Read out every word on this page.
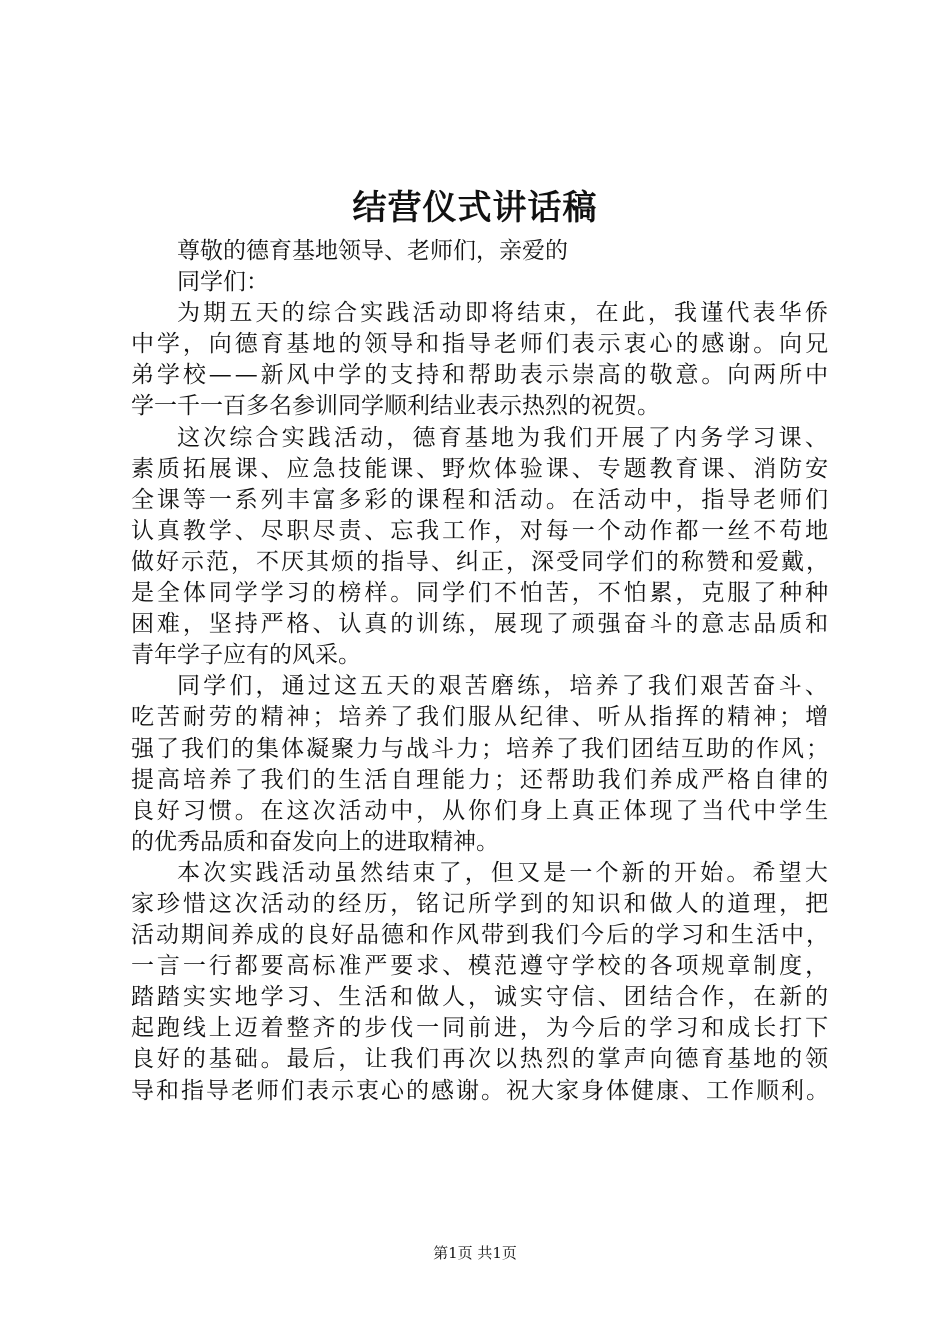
结营仪式讲话稿
尊敬的德育基地领导、老师们，亲爱的
同学们：
为期五天的综合实践活动即将结束，在此，我谨代表华侨
中学，向德育基地的领导和指导老师们表示衷心的感谢。向兄
弟学校——新风中学的支持和帮助表示崇高的敬意。向两所中
学一千一百多名参训同学顺利结业表示热烈的祝贺。
这次综合实践活动，德育基地为我们开展了内务学习课、
素质拓展课、应急技能课、野炊体验课、专题教育课、消防安
全课等一系列丰富多彩的课程和活动。在活动中，指导老师们
认真教学、尽职尽责、忘我工作，对每一个动作都一丝不苟地
做好示范，不厌其烦的指导、纠正，深受同学们的称赞和爱戴，
是全体同学学习的榜样。同学们不怕苦，不怕累，克服了种种
困难，坚持严格、认真的训练，展现了顽强奋斗的意志品质和
青年学子应有的风采。
同学们，通过这五天的艰苦磨练，培养了我们艰苦奋斗、
吃苦耐劳的精神；培养了我们服从纪律、听从指挥的精神；增
强了我们的集体凝聚力与战斗力；培养了我们团结互助的作风；
提高培养了我们的生活自理能力；还帮助我们养成严格自律的
良好习惯。在这次活动中，从你们身上真正体现了当代中学生
的优秀品质和奋发向上的进取精神。
本次实践活动虽然结束了，但又是一个新的开始。希望大
家珍惜这次活动的经历，铭记所学到的知识和做人的道理，把
活动期间养成的良好品德和作风带到我们今后的学习和生活中，
一言一行都要高标准严要求、模范遵守学校的各项规章制度，
踏踏实实地学习、生活和做人，诚实守信、团结合作，在新的
起跑线上迈着整齐的步伐一同前进，为今后的学习和成长打下
良好的基础。最后，让我们再次以热烈的掌声向德育基地的领
导和指导老师们表示衷心的感谢。祝大家身体健康、工作顺利。
第1页 共1页
